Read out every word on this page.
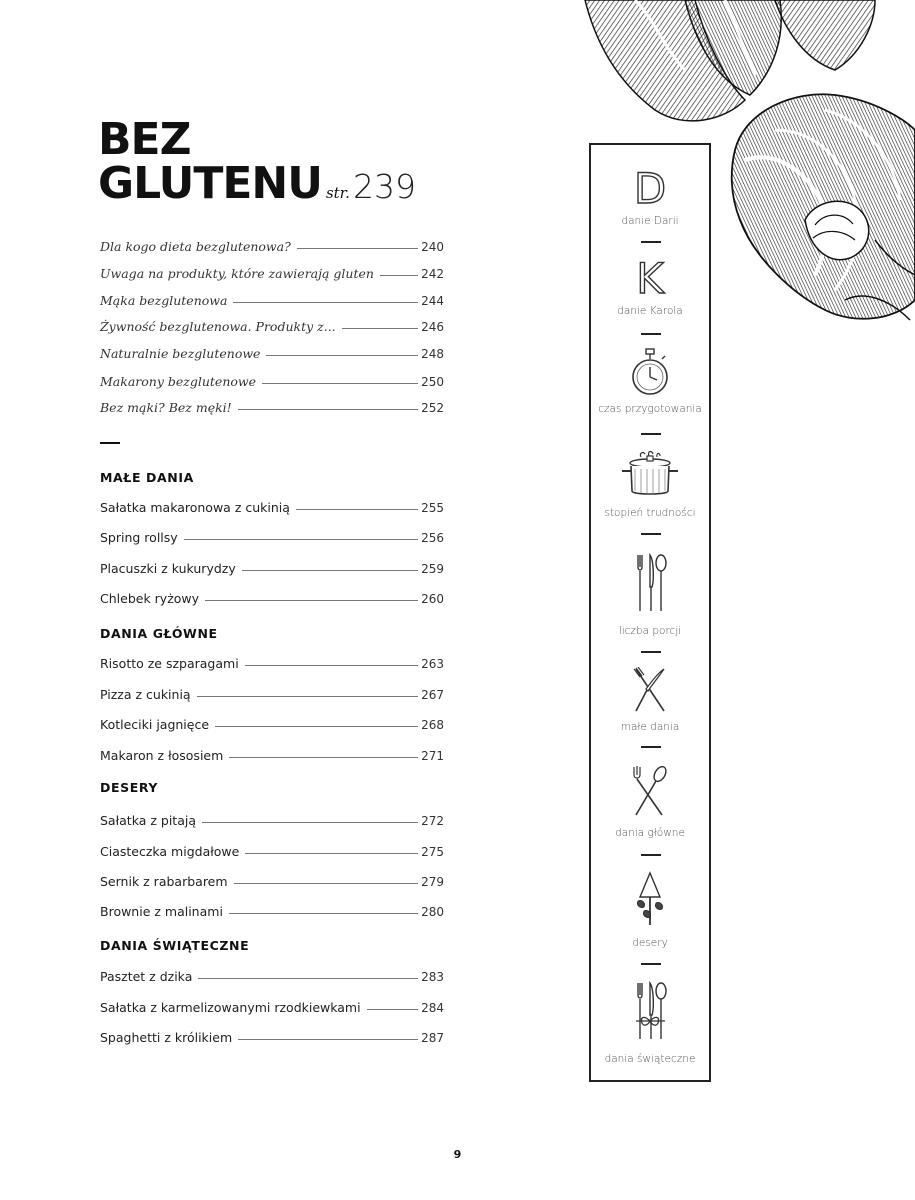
BEZ
GLUTENU str.239
Dla kogo dieta bezglutenowa?	240
Uwaga na produkty, które zawierają gluten	242
Mąka bezglutenowa	244
Żywność bezglutenowa. Produkty z...	246
Naturalnie bezglutenowe	248
Makarony bezglutenowe	250
Bez mąki? Bez męki!	252
MAŁE DANIA
Sałatka makaronowa z cukinią	255
Spring rollsy	256
Placuszki z kukurydzy	259
Chlebek ryżowy	260
DANIA GŁÓWNE
Risotto ze szparagami	263
Pizza z cukinią	267
Kotleciki jagnięce	268
Makaron z łososiem	271
DESERY
Sałatka z pitają	272
Ciasteczka migdałowe	275
Sernik z rabarbarem	279
Brownie z malinami	280
DANIA ŚWIĄTECZNE
Pasztet z dzika	283
Sałatka z karmelizowanymi rzodkiewkami	284
Spaghetti z królikiem	287
D
danie Darii
K
danie Karola
czas przygotowania
stopień trudności
liczba porcji
małe dania
dania główne
desery
dania świąteczne
9
